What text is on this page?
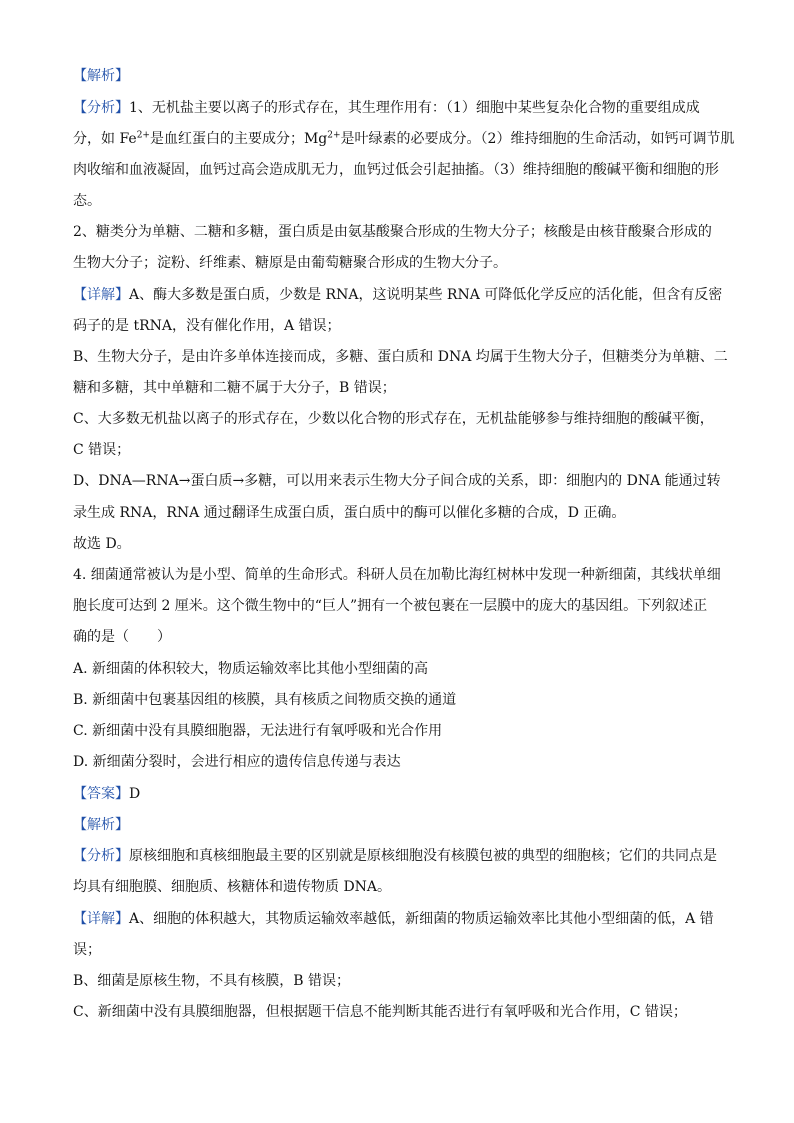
【解析】
【分析】1、无机盐主要以离子的形式存在，其生理作用有：（1）细胞中某些复杂化合物的重要组成成
分，如 $Fe^{2+}$是血红蛋白的主要成分；$Mg^{2+}$是叶绿素的必要成分。（2）维持细胞的生命活动，如钙可调节肌
肉收缩和血液凝固，血钙过高会造成肌无力，血钙过低会引起抽搐。（3）维持细胞的酸碱平衡和细胞的形
态。
2、糖类分为单糖、二糖和多糖，蛋白质是由氨基酸聚合形成的生物大分子；核酸是由核苷酸聚合形成的
生物大分子；淀粉、纤维素、糖原是由葡萄糖聚合形成的生物大分子。
【详解】A、酶大多数是蛋白质，少数是 RNA，这说明某些 RNA 可降低化学反应的活化能，但含有反密
码子的是 tRNA，没有催化作用，A 错误；
B、生物大分子，是由许多单体连接而成，多糖、蛋白质和 DNA 均属于生物大分子，但糖类分为单糖、二
糖和多糖，其中单糖和二糖不属于大分子，B 错误；
C、大多数无机盐以离子的形式存在，少数以化合物的形式存在，无机盐能够参与维持细胞的酸碱平衡，
C 错误；
D、DNA—RNA→蛋白质→多糖，可以用来表示生物大分子间合成的关系，即：细胞内的 DNA 能通过转
录生成 RNA，RNA 通过翻译生成蛋白质，蛋白质中的酶可以催化多糖的合成，D 正确。
故选 D。
4. 细菌通常被认为是小型、简单的生命形式。科研人员在加勒比海红树林中发现一种新细菌，其线状单细
胞长度可达到 2 厘米。这个微生物中的“巨人”拥有一个被包裹在一层膜中的庞大的基因组。下列叙述正
确的是（　　）
A. 新细菌的体积较大，物质运输效率比其他小型细菌的高
B. 新细菌中包裹基因组的核膜，具有核质之间物质交换的通道
C. 新细菌中没有具膜细胞器，无法进行有氧呼吸和光合作用
D. 新细菌分裂时，会进行相应的遗传信息传递与表达
【答案】D
【解析】
【分析】原核细胞和真核细胞最主要的区别就是原核细胞没有核膜包被的典型的细胞核；它们的共同点是
均具有细胞膜、细胞质、核糖体和遗传物质 DNA。
【详解】A、细胞的体积越大，其物质运输效率越低，新细菌的物质运输效率比其他小型细菌的低，A 错
误；
B、细菌是原核生物，不具有核膜，B 错误；
C、新细菌中没有具膜细胞器，但根据题干信息不能判断其能否进行有氧呼吸和光合作用，C 错误；
